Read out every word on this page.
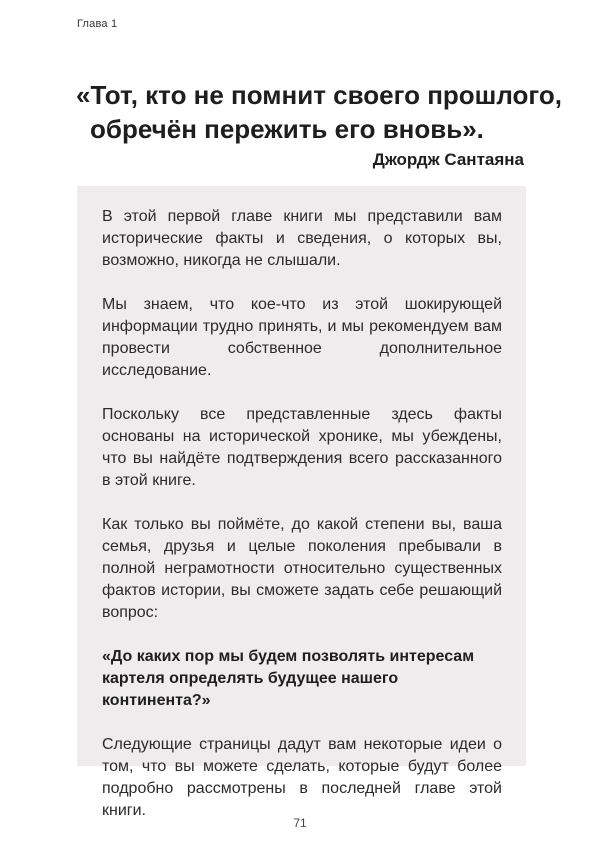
Глава 1
«Тот, кто не помнит своего прошлого,
обречён пережить его вновь».
Джордж Сантаяна

В этой первой главе книги мы представили вам исторические факты и сведения, о которых вы, возможно, никогда не слышали.

Мы знаем, что кое-что из этой шокирующей информации трудно принять, и мы рекомендуем вам провести собственное дополнительное исследование.

Поскольку все представленные здесь факты основаны на исторической хронике, мы убеждены, что вы найдёте подтверждения всего рассказанного в этой книге.

Как только вы поймёте, до какой степени вы, ваша семья, друзья и целые поколения пребывали в полной неграмотности относительно существенных фактов истории, вы сможете задать себе решающий вопрос:

«До каких пор мы будем позволять интересам картеля определять будущее нашего континента?»

Следующие страницы дадут вам некоторые идеи о том, что вы можете сделать, которые будут более подробно рассмотрены в последней главе этой книги.

71
